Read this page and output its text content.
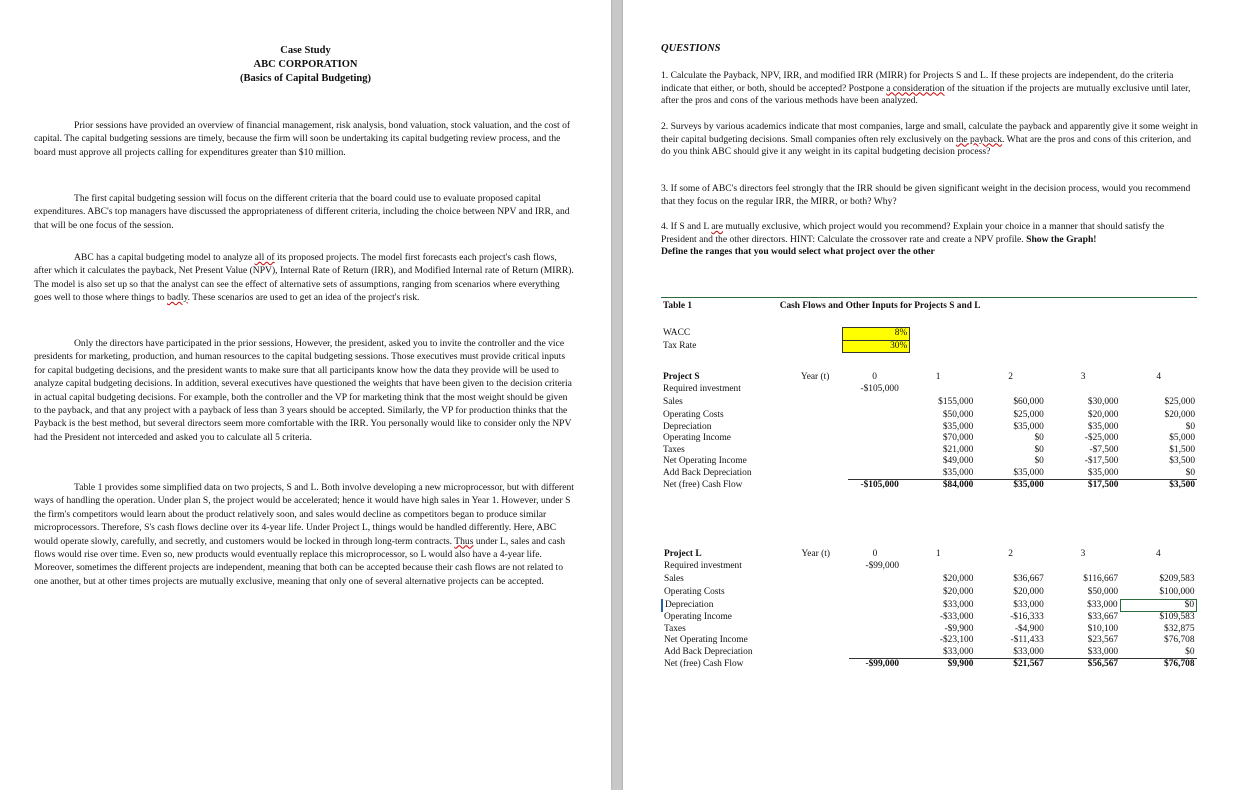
Case Study
ABC CORPORATION
(Basics of Capital Budgeting)
Prior sessions have provided an overview of financial management, risk analysis, bond valuation, stock valuation, and the cost of capital. The capital budgeting sessions are timely, because the firm will soon be undertaking its capital budgeting review process, and the board must approve all projects calling for expenditures greater than $10 million.
The first capital budgeting session will focus on the different criteria that the board could use to evaluate proposed capital expenditures. ABC's top managers have discussed the appropriateness of different criteria, including the choice between NPV and IRR, and that will be one focus of the session.
ABC has a capital budgeting model to analyze all of its proposed projects. The model first forecasts each project's cash flows, after which it calculates the payback, Net Present Value (NPV), Internal Rate of Return (IRR), and Modified Internal rate of Return (MIRR). The model is also set up so that the analyst can see the effect of alternative sets of assumptions, ranging from scenarios where everything goes well to those where things to badly. These scenarios are used to get an idea of the project's risk.
Only the directors have participated in the prior sessions, However, the president, asked you to invite the controller and the vice presidents for marketing, production, and human resources to the capital budgeting sessions. Those executives must provide critical inputs for capital budgeting decisions, and the president wants to make sure that all participants know how the data they provide will be used to analyze capital budgeting decisions. In addition, several executives have questioned the weights that have been given to the decision criteria in actual capital budgeting decisions. For example, both the controller and the VP for marketing think that the most weight should be given to the payback, and that any project with a payback of less than 3 years should be accepted. Similarly, the VP for production thinks that the Payback is the best method, but several directors seem more comfortable with the IRR. You personally would like to consider only the NPV had the President not interceded and asked you to calculate all 5 criteria.
Table 1 provides some simplified data on two projects, S and L. Both involve developing a new microprocessor, but with different ways of handling the operation. Under plan S, the project would be accelerated; hence it would have high sales in Year 1. However, under S the firm's competitors would learn about the product relatively soon, and sales would decline as competitors began to produce similar microprocessors. Therefore, S's cash flows decline over its 4-year life. Under Project L, things would be handled differently. Here, ABC would operate slowly, carefully, and secretly, and customers would be locked in through long-term contracts. Thus under L, sales and cash flows would rise over time. Even so, new products would eventually replace this microprocessor, so L would also have a 4-year life. Moreover, sometimes the different projects are independent, meaning that both can be accepted because their cash flows are not related to one another, but at other times projects are mutually exclusive, meaning that only one of several alternative projects can be accepted.
QUESTIONS
1. Calculate the Payback, NPV, IRR, and modified IRR (MIRR) for Projects S and L. If these projects are independent, do the criteria indicate that either, or both, should be accepted? Postpone a consideration of the situation if the projects are mutually exclusive until later, after the pros and cons of the various methods have been analyzed.
2. Surveys by various academics indicate that most companies, large and small, calculate the payback and apparently give it some weight in their capital budgeting decisions. Small companies often rely exclusively on the payback. What are the pros and cons of this criterion, and do you think ABC should give it any weight in its capital budgeting decision process?
3. If some of ABC's directors feel strongly that the IRR should be given significant weight in the decision process, would you recommend that they focus on the regular IRR, the MIRR, or both? Why?
4. If S and L are mutually exclusive, which project would you recommend? Explain your choice in a manner that should satisfy the President and the other directors. HINT: Calculate the crossover rate and create a NPV profile. Show the Graph!
Define the ranges that you would select what project over the other
Table 1	Cash Flows and Other Inputs for Projects S and L			

WACC		8%		
Tax Rate		30%		
Project S	Year (t)	0	1	2	3	4
Required investment		-$105,000				
Sales			$155,000	$60,000	$30,000	$25,000
Operating Costs			$50,000	$25,000	$20,000	$20,000
Depreciation			$35,000	$35,000	$35,000	$0
Operating Income			$70,000	$0	-$25,000	$5,000
Taxes			$21,000	$0	-$7,500	$1,500
Net Operating Income			$49,000	$0	-$17,500	$3,500
Add Back Depreciation			$35,000	$35,000	$35,000	$0
Net (free) Cash Flow		-$105,000	$84,000	$35,000	$17,500	$3,500
Project L	Year (t)	0	1	2	3	4
Required investment		-$99,000				
Sales			$20,000	$36,667	$116,667	$209,583
Operating Costs			$20,000	$20,000	$50,000	$100,000
Depreciation			$33,000	$33,000	$33,000	$0
Operating Income			-$33,000	-$16,333	$33,667	$109,583
Taxes			-$9,900	-$4,900	$10,100	$32,875
Net Operating Income			-$23,100	-$11,433	$23,567	$76,708
Add Back Depreciation			$33,000	$33,000	$33,000	$0
Net (free) Cash Flow		-$99,000	$9,900	$21,567	$56,567	$76,708
